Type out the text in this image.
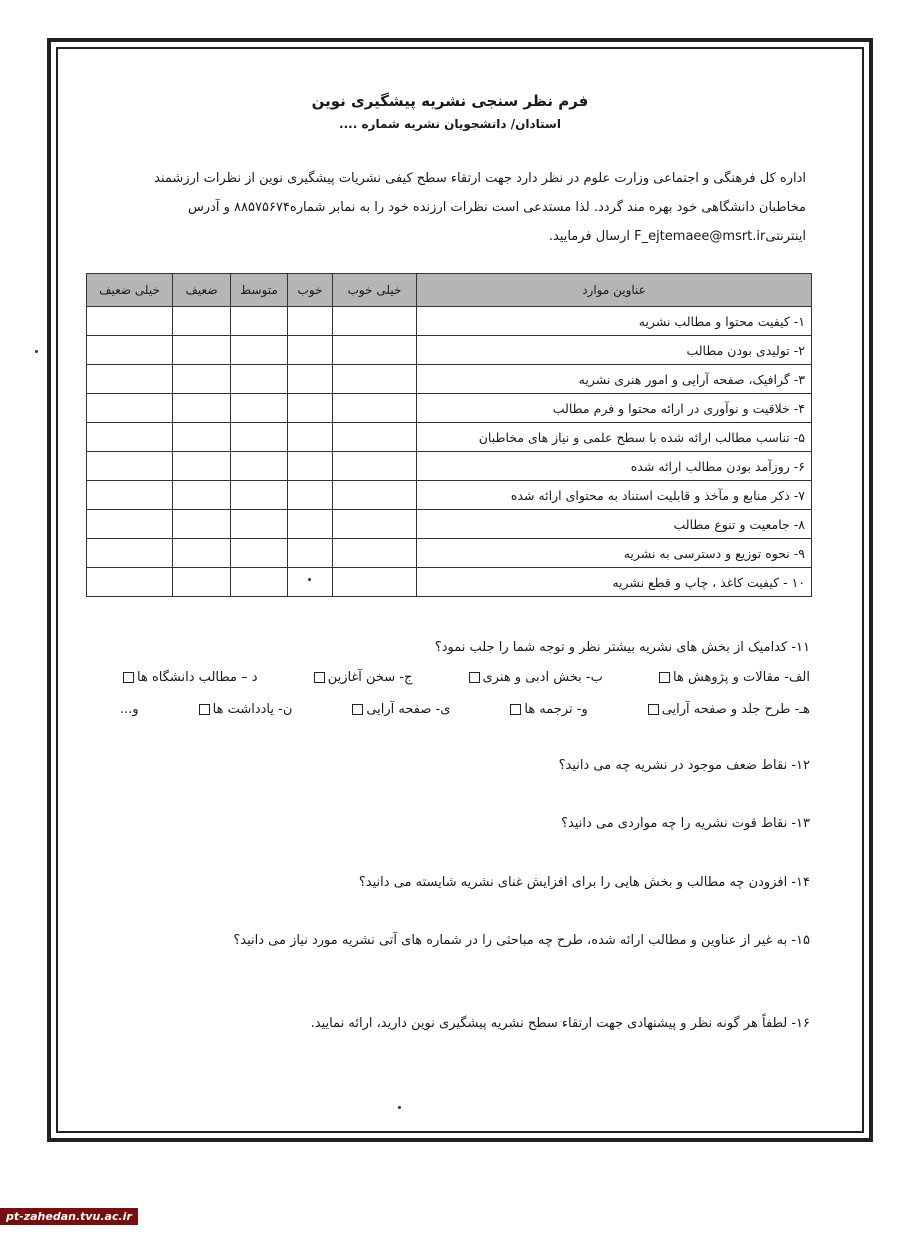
فرم نظر سنجی نشریه پیشگیری نوین
استادان/ دانشجویان نشریه شماره ....
اداره کل فرهنگی و اجتماعی وزارت علوم در نظر دارد جهت ارتقاء سطح کیفی نشریات پیشگیری نوین از نظرات ارزشمند
مخاطبان دانشگاهی خود بهره مند گردد. لذا مستدعی است نظرات ارزنده خود را به نمابر شماره۸۸۵۷۵۶۷۴ و آدرس
اینترنتیF_ejtemaee@msrt.ir ارسال فرمایید.
عناوین موارد	خیلی خوب	خوب	متوسط	ضعیف	خیلی ضعیف
۱- کیفیت محتوا و مطالب نشریه					
۲- تولیدی بودن مطالب					
۳- گرافیک، صفحه آرایی و امور هنری نشریه					
۴- خلاقیت و نوآوری در ارائه محتوا و فرم مطالب					
۵- تناسب مطالب ارائه شده با سطح علمی و نیاز های مخاطبان					
۶- روزآمد بودن مطالب ارائه شده					
۷- ذکر منابع و مآخذ و قابلیت استناد به محتوای ارائه شده					
۸- جامعیت و تنوع مطالب					
۹- نحوه توزیع و دسترسی به نشریه					
۱۰ - کیفیت کاغذ ، چاپ و قطع نشریه					
۱۱- کدامیک از بخش های نشریه بیشتر نظر و توجه شما را جلب نمود؟
الف- مقالات و پژوهش ها
ب- بخش ادبی و هنری
ج- سخن آغازین
د – مطالب دانشگاه ها
هـ- طرح جلد و صفحه آرایی
و- ترجمه ها
ی- صفحه آرایی
ن- یادداشت ها
و...
۱۲- نقاط ضعف موجود در نشریه چه می دانید؟
۱۳- نقاط قوت نشریه را چه مواردی می دانید؟
۱۴- افزودن چه مطالب و بخش هایی را برای افزایش غنای نشریه شایسته می دانید؟
۱۵- به غیر از عناوین و مطالب ارائه شده، طرح چه مباحثی را در شماره های آتی نشریه مورد نیاز می دانید؟
۱۶- لطفاً هر گونه نظر و پیشنهادی جهت ارتقاء سطح نشریه پیشگیری نوین دارید، ارائه نمایید.
pt-zahedan.tvu.ac.ir
